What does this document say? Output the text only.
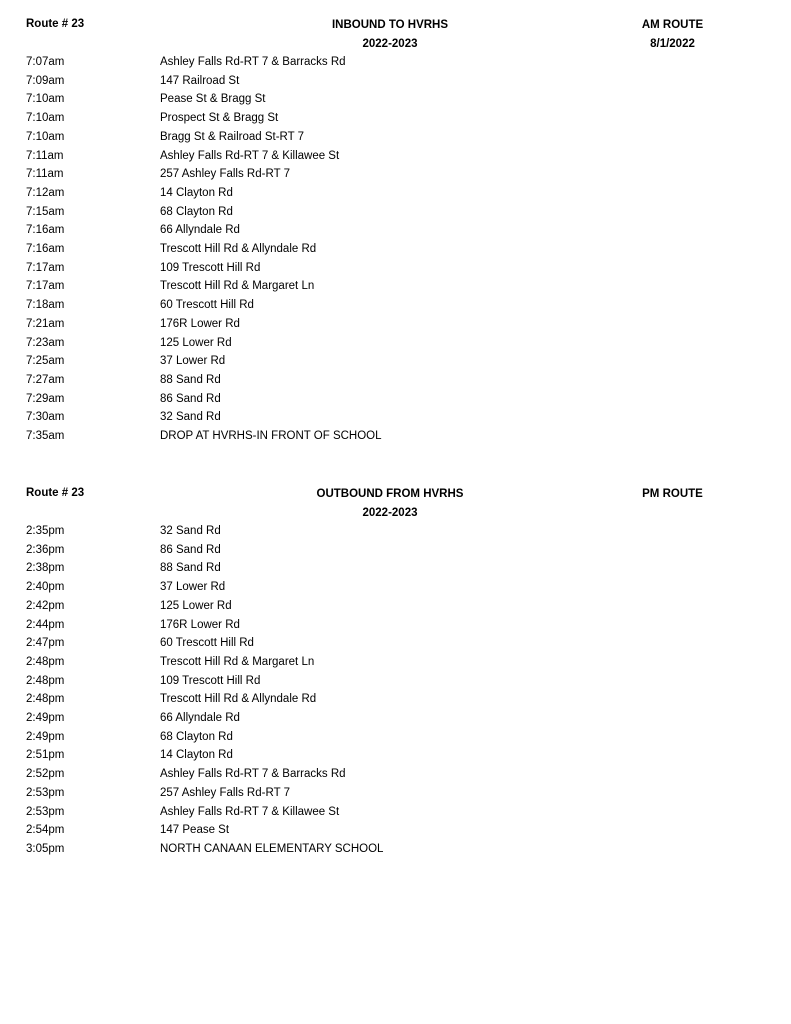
Route # 23	INBOUND TO HVRHS
2022-2023
AM ROUTE
8/1/2022
7:07am	Ashley Falls Rd-RT 7 & Barracks Rd
7:09am	147 Railroad St
7:10am	Pease St & Bragg St
7:10am	Prospect St & Bragg St
7:10am	Bragg St & Railroad St-RT 7
7:11am	Ashley Falls Rd-RT 7 & Killawee St
7:11am	257 Ashley Falls Rd-RT 7
7:12am	14 Clayton Rd
7:15am	68 Clayton Rd
7:16am	66 Allyndale Rd
7:16am	Trescott Hill Rd & Allyndale Rd
7:17am	109 Trescott Hill Rd
7:17am	Trescott Hill Rd & Margaret Ln
7:18am	60 Trescott Hill Rd
7:21am	176R Lower Rd
7:23am	125 Lower Rd
7:25am	37 Lower Rd
7:27am	88 Sand Rd
7:29am	86 Sand Rd
7:30am	32 Sand Rd
7:35am	DROP AT HVRHS-IN FRONT OF SCHOOL
Route # 23	OUTBOUND FROM HVRHS
2022-2023
PM ROUTE
2:35pm	32 Sand Rd
2:36pm	86 Sand Rd
2:38pm	88 Sand Rd
2:40pm	37 Lower Rd
2:42pm	125 Lower Rd
2:44pm	176R Lower Rd
2:47pm	60 Trescott Hill Rd
2:48pm	Trescott Hill Rd & Margaret Ln
2:48pm	109 Trescott Hill Rd
2:48pm	Trescott Hill Rd & Allyndale Rd
2:49pm	66 Allyndale Rd
2:49pm	68 Clayton Rd
2:51pm	14 Clayton Rd
2:52pm	Ashley Falls Rd-RT 7 & Barracks Rd
2:53pm	257 Ashley Falls Rd-RT 7
2:53pm	Ashley Falls Rd-RT 7 & Killawee St
2:54pm	147 Pease St
3:05pm	NORTH CANAAN ELEMENTARY SCHOOL
